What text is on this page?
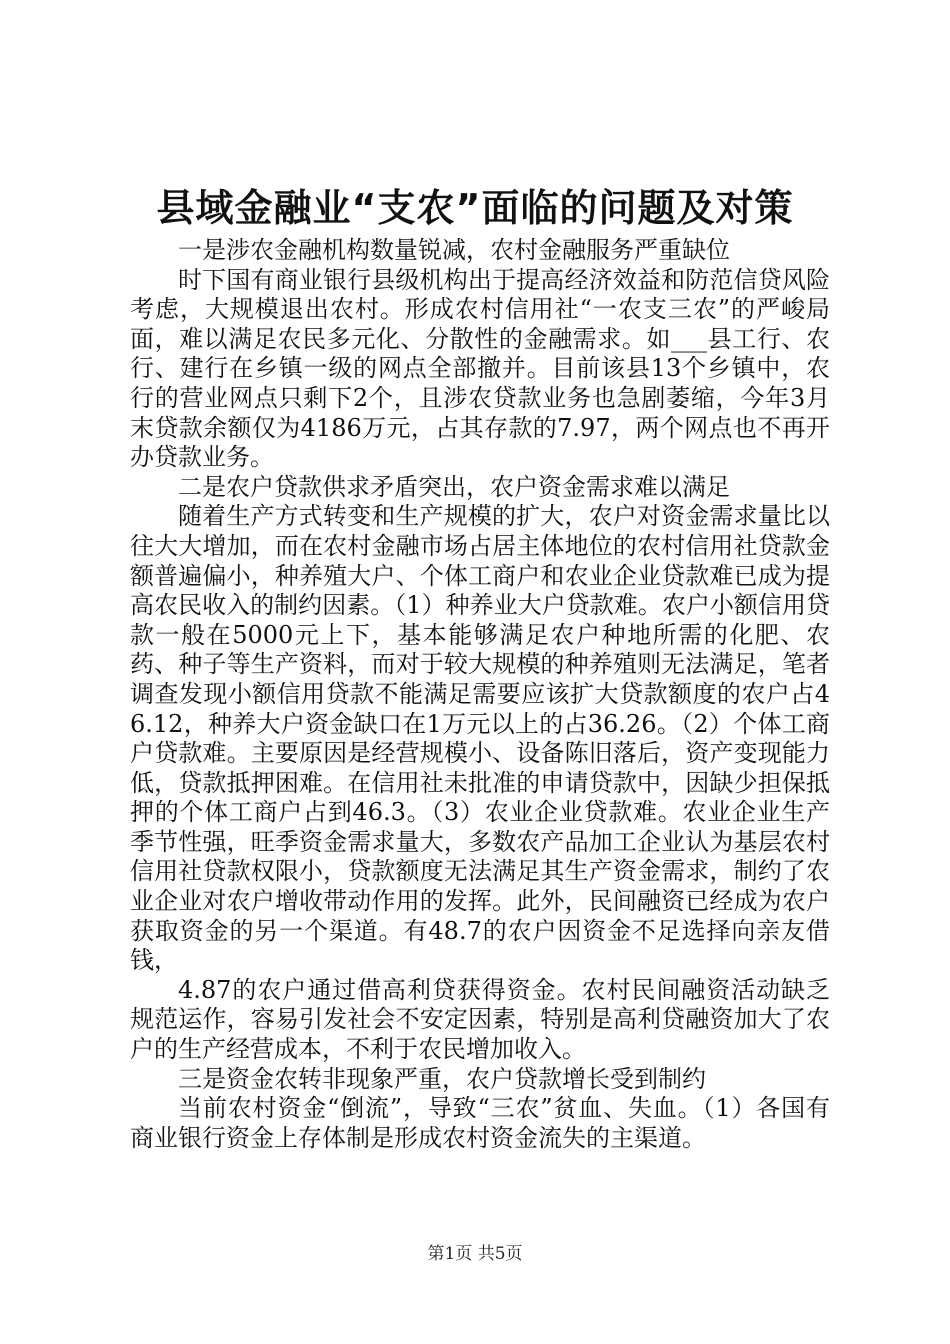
县域金融业“支农”面临的问题及对策

一是涉农金融机构数量锐减，农村金融服务严重缺位

时下国有商业银行县级机构出于提高经济效益和防范信贷风险考虑，大规模退出农村。形成农村信用社“一农支三农”的严峻局面，难以满足农民多元化、分散性的金融需求。如___县工行、农行、建行在乡镇一级的网点全部撤并。目前该县13个乡镇中，农行的营业网点只剩下2个，且涉农贷款业务也急剧萎缩，今年3月末贷款余额仅为4186万元，占其存款的7.97，两个网点也不再开办贷款业务。

二是农户贷款供求矛盾突出，农户资金需求难以满足

随着生产方式转变和生产规模的扩大，农户对资金需求量比以往大大增加，而在农村金融市场占居主体地位的农村信用社贷款金额普遍偏小，种养殖大户、个体工商户和农业企业贷款难已成为提高农民收入的制约因素。（1）种养业大户贷款难。农户小额信用贷款一般在5000元上下，基本能够满足农户种地所需的化肥、农药、种子等生产资料，而对于较大规模的种养殖则无法满足，笔者调查发现小额信用贷款不能满足需要应该扩大贷款额度的农户占46.12，种养大户资金缺口在1万元以上的占36.26。（2）个体工商户贷款难。主要原因是经营规模小、设备陈旧落后，资产变现能力低，贷款抵押困难。在信用社未批准的申请贷款中，因缺少担保抵押的个体工商户占到46.3。（3）农业企业贷款难。农业企业生产季节性强，旺季资金需求量大，多数农产品加工企业认为基层农村信用社贷款权限小，贷款额度无法满足其生产资金需求，制约了农业企业对农户增收带动作用的发挥。此外，民间融资已经成为农户获取资金的另一个渠道。有48.7的农户因资金不足选择向亲友借钱，

4.87的农户通过借高利贷获得资金。农村民间融资活动缺乏规范运作，容易引发社会不安定因素，特别是高利贷融资加大了农户的生产经营成本，不利于农民增加收入。

三是资金农转非现象严重，农户贷款增长受到制约

当前农村资金“倒流”，导致“三农”贫血、失血。（1）各国有商业银行资金上存体制是形成农村资金流失的主渠道。

第1页 共5页
